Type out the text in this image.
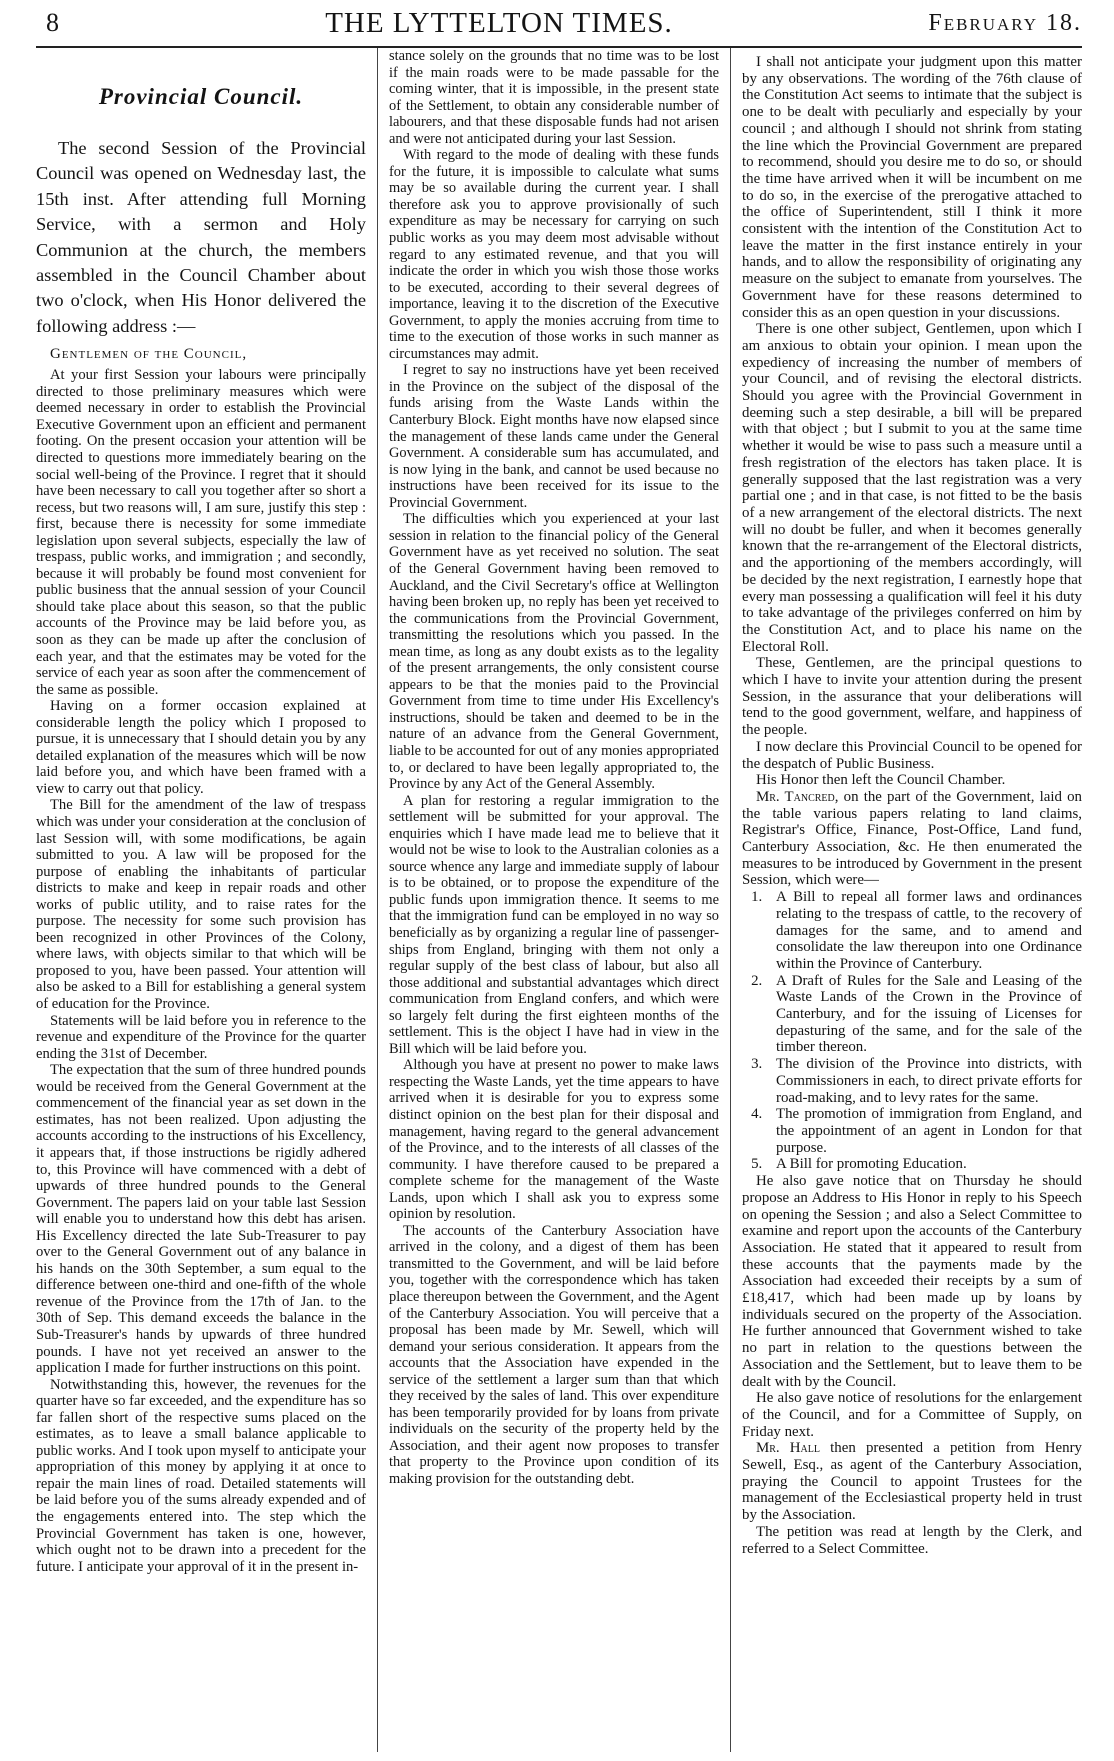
8	THE LYTTELTON TIMES.	February 18.
Provincial Council.

The second Session of the Provincial Council was opened on Wednesday last, the 15th inst. After attending full Morning Service, with a sermon and Holy Communion at the church, the members assembled in the Council Chamber about two o'clock, when His Honor delivered the following address :—

Gentlemen of the Council,

At your first Session your labours were principally directed to those preliminary measures which were deemed necessary in order to establish the Provincial Executive Government upon an efficient and permanent footing. On the present occasion your attention will be directed to questions more immediately bearing on the social well-being of the Province. I regret that it should have been necessary to call you together after so short a recess, but two reasons will, I am sure, justify this step : first, because there is necessity for some immediate legislation upon several subjects, especially the law of trespass, public works, and immigration ; and secondly, because it will probably be found most convenient for public business that the annual session of your Council should take place about this season, so that the public accounts of the Province may be laid before you, as soon as they can be made up after the conclusion of each year, and that the estimates may be voted for the service of each year as soon after the commencement of the same as possible.

Having on a former occasion explained at considerable length the policy which I proposed to pursue, it is unnecessary that I should detain you by any detailed explanation of the measures which will be now laid before you, and which have been framed with a view to carry out that policy.

The Bill for the amendment of the law of trespass which was under your consideration at the conclusion of last Session will, with some modifications, be again submitted to you. A law will be proposed for the purpose of enabling the inhabitants of particular districts to make and keep in repair roads and other works of public utility, and to raise rates for the purpose. The necessity for some such provision has been recognized in other Provinces of the Colony, where laws, with objects similar to that which will be proposed to you, have been passed. Your attention will also be asked to a Bill for establishing a general system of education for the Province.

Statements will be laid before you in reference to the revenue and expenditure of the Province for the quarter ending the 31st of December.

The expectation that the sum of three hundred pounds would be received from the General Government at the commencement of the financial year as set down in the estimates, has not been realized. Upon adjusting the accounts according to the instructions of his Excellency, it appears that, if those instructions be rigidly adhered to, this Province will have commenced with a debt of upwards of three hundred pounds to the General Government. The papers laid on your table last Session will enable you to understand how this debt has arisen. His Excellency directed the late Sub-Treasurer to pay over to the General Government out of any balance in his hands on the 30th September, a sum equal to the difference between one-third and one-fifth of the whole revenue of the Province from the 17th of Jan. to the 30th of Sep. This demand exceeds the balance in the Sub-Treasurer's hands by upwards of three hundred pounds. I have not yet received an answer to the application I made for further instructions on this point.

Notwithstanding this, however, the revenues for the quarter have so far exceeded, and the expenditure has so far fallen short of the respective sums placed on the estimates, as to leave a small balance applicable to public works. And I took upon myself to anticipate your appropriation of this money by applying it at once to repair the main lines of road. Detailed statements will be laid before you of the sums already expended and of the engagements entered into. The step which the Provincial Government has taken is one, however, which ought not to be drawn into a precedent for the future. I anticipate your approval of it in the present in-

stance solely on the grounds that no time was to be lost if the main roads were to be made passable for the coming winter, that it is impossible, in the present state of the Settlement, to obtain any considerable number of labourers, and that these disposable funds had not arisen and were not anticipated during your last Session.

With regard to the mode of dealing with these funds for the future, it is impossible to calculate what sums may be so available during the current year. I shall therefore ask you to approve provisionally of such expenditure as may be necessary for carrying on such public works as you may deem most advisable without regard to any estimated revenue, and that you will indicate the order in which you wish those those works to be executed, according to their several degrees of importance, leaving it to the discretion of the Executive Government, to apply the monies accruing from time to time to the execution of those works in such manner as circumstances may admit.

I regret to say no instructions have yet been received in the Province on the subject of the disposal of the funds arising from the Waste Lands within the Canterbury Block. Eight months have now elapsed since the management of these lands came under the General Government. A considerable sum has accumulated, and is now lying in the bank, and cannot be used because no instructions have been received for its issue to the Provincial Government.

The difficulties which you experienced at your last session in relation to the financial policy of the General Government have as yet received no solution. The seat of the General Government having been removed to Auckland, and the Civil Secretary's office at Wellington having been broken up, no reply has been yet received to the communications from the Provincial Government, transmitting the resolutions which you passed. In the mean time, as long as any doubt exists as to the legality of the present arrangements, the only consistent course appears to be that the monies paid to the Provincial Government from time to time under His Excellency's instructions, should be taken and deemed to be in the nature of an advance from the General Government, liable to be accounted for out of any monies appropriated to, or declared to have been legally appropriated to, the Province by any Act of the General Assembly.

A plan for restoring a regular immigration to the settlement will be submitted for your approval. The enquiries which I have made lead me to believe that it would not be wise to look to the Australian colonies as a source whence any large and immediate supply of labour is to be obtained, or to propose the expenditure of the public funds upon immigration thence. It seems to me that the immigration fund can be employed in no way so beneficially as by organizing a regular line of passenger-ships from England, bringing with them not only a regular supply of the best class of labour, but also all those additional and substantial advantages which direct communication from England confers, and which were so largely felt during the first eighteen months of the settlement. This is the object I have had in view in the Bill which will be laid before you.

Although you have at present no power to make laws respecting the Waste Lands, yet the time appears to have arrived when it is desirable for you to express some distinct opinion on the best plan for their disposal and management, having regard to the general advancement of the Province, and to the interests of all classes of the community. I have therefore caused to be prepared a complete scheme for the management of the Waste Lands, upon which I shall ask you to express some opinion by resolution.

The accounts of the Canterbury Association have arrived in the colony, and a digest of them has been transmitted to the Government, and will be laid before you, together with the correspondence which has taken place thereupon between the Government, and the Agent of the Canterbury Association. You will perceive that a proposal has been made by Mr. Sewell, which will demand your serious consideration. It appears from the accounts that the Association have expended in the service of the settlement a larger sum than that which they received by the sales of land. This over expenditure has been temporarily provided for by loans from private individuals on the security of the property held by the Association, and their agent now proposes to transfer that property to the Province upon condition of its making provision for the outstanding debt.

I shall not anticipate your judgment upon this matter by any observations. The wording of the 76th clause of the Constitution Act seems to intimate that the subject is one to be dealt with peculiarly and especially by your council ; and although I should not shrink from stating the line which the Provincial Government are prepared to recommend, should you desire me to do so, or should the time have arrived when it will be incumbent on me to do so, in the exercise of the prerogative attached to the office of Superintendent, still I think it more consistent with the intention of the Constitution Act to leave the matter in the first instance entirely in your hands, and to allow the responsibility of originating any measure on the subject to emanate from yourselves. The Government have for these reasons determined to consider this as an open question in your discussions.

There is one other subject, Gentlemen, upon which I am anxious to obtain your opinion. I mean upon the expediency of increasing the number of members of your Council, and of revising the electoral districts. Should you agree with the Provincial Government in deeming such a step desirable, a bill will be prepared with that object ; but I submit to you at the same time whether it would be wise to pass such a measure until a fresh registration of the electors has taken place. It is generally supposed that the last registration was a very partial one ; and in that case, is not fitted to be the basis of a new arrangement of the electoral districts. The next will no doubt be fuller, and when it becomes generally known that the re-arrangement of the Electoral districts, and the apportioning of the members accordingly, will be decided by the next registration, I earnestly hope that every man possessing a qualification will feel it his duty to take advantage of the privileges conferred on him by the Constitution Act, and to place his name on the Electoral Roll.

These, Gentlemen, are the principal questions to which I have to invite your attention during the present Session, in the assurance that your deliberations will tend to the good government, welfare, and happiness of the people.

I now declare this Provincial Council to be opened for the despatch of Public Business.

His Honor then left the Council Chamber.

Mr. Tancred, on the part of the Government, laid on the table various papers relating to land claims, Registrar's Office, Finance, Post-Office, Land fund, Canterbury Association, &c. He then enumerated the measures to be introduced by Government in the present Session, which were—

1. A Bill to repeal all former laws and ordinances relating to the trespass of cattle, to the recovery of damages for the same, and to amend and consolidate the law thereupon into one Ordinance within the Province of Canterbury.
2. A Draft of Rules for the Sale and Leasing of the Waste Lands of the Crown in the Province of Canterbury, and for the issuing of Licenses for depasturing of the same, and for the sale of the timber thereon.
3. The division of the Province into districts, with Commissioners in each, to direct private efforts for road-making, and to levy rates for the same.
4. The promotion of immigration from England, and the appointment of an agent in London for that purpose.
5. A Bill for promoting Education.

He also gave notice that on Thursday he should propose an Address to His Honor in reply to his Speech on opening the Session ; and also a Select Committee to examine and report upon the accounts of the Canterbury Association. He stated that it appeared to result from these accounts that the payments made by the Association had exceeded their receipts by a sum of £18,417, which had been made up by loans by individuals secured on the property of the Association. He further announced that Government wished to take no part in relation to the questions between the Association and the Settlement, but to leave them to be dealt with by the Council.

He also gave notice of resolutions for the enlargement of the Council, and for a Committee of Supply, on Friday next.

Mr. Hall then presented a petition from Henry Sewell, Esq., as agent of the Canterbury Association, praying the Council to appoint Trustees for the management of the Ecclesiastical property held in trust by the Association.

The petition was read at length by the Clerk, and referred to a Select Committee.
